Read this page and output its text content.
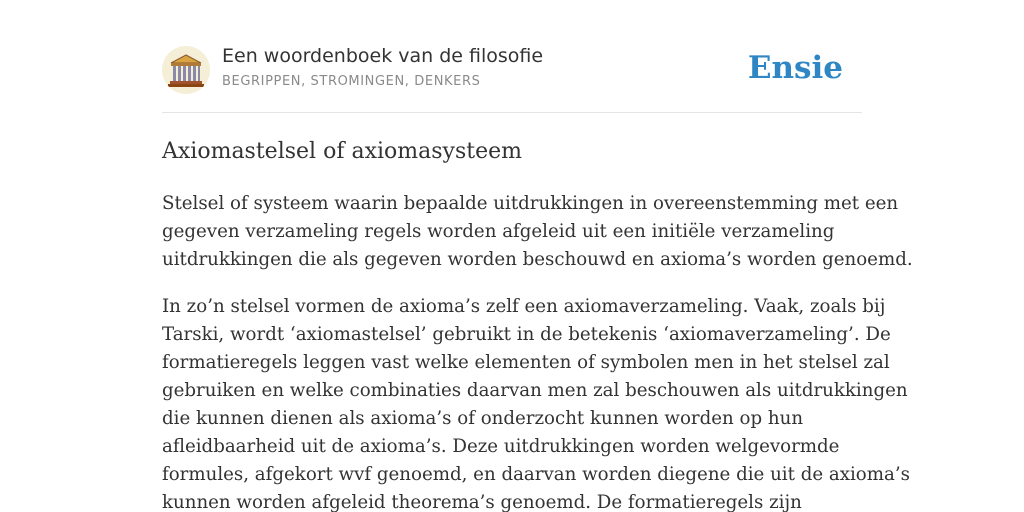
Een woordenboek van de filosofie
BEGRIPPEN, STROMINGEN, DENKERS	Ensie
Axiomastelsel of axiomasysteem

Stelsel of systeem waarin bepaalde uitdrukkingen in overeenstemming met een
gegeven verzameling regels worden afgeleid uit een initiële verzameling
uitdrukkingen die als gegeven worden beschouwd en axioma’s worden genoemd.

In zo’n stelsel vormen de axioma’s zelf een axiomaverzameling. Vaak, zoals bij
Tarski, wordt ‘axiomastelsel’ gebruikt in de betekenis ‘axiomaverzameling’. De
formatieregels leggen vast welke elementen of symbolen men in het stelsel zal
gebruiken en welke combinaties daarvan men zal beschouwen als uitdrukkingen
die kunnen dienen als axioma’s of onderzocht kunnen worden op hun
afleidbaarheid uit de axioma’s. Deze uitdrukkingen worden welgevormde
formules, afgekort wvf genoemd, en daarvan worden diegene die uit de axioma’s
kunnen worden afgeleid theorema’s genoemd. De formatieregels zijn
